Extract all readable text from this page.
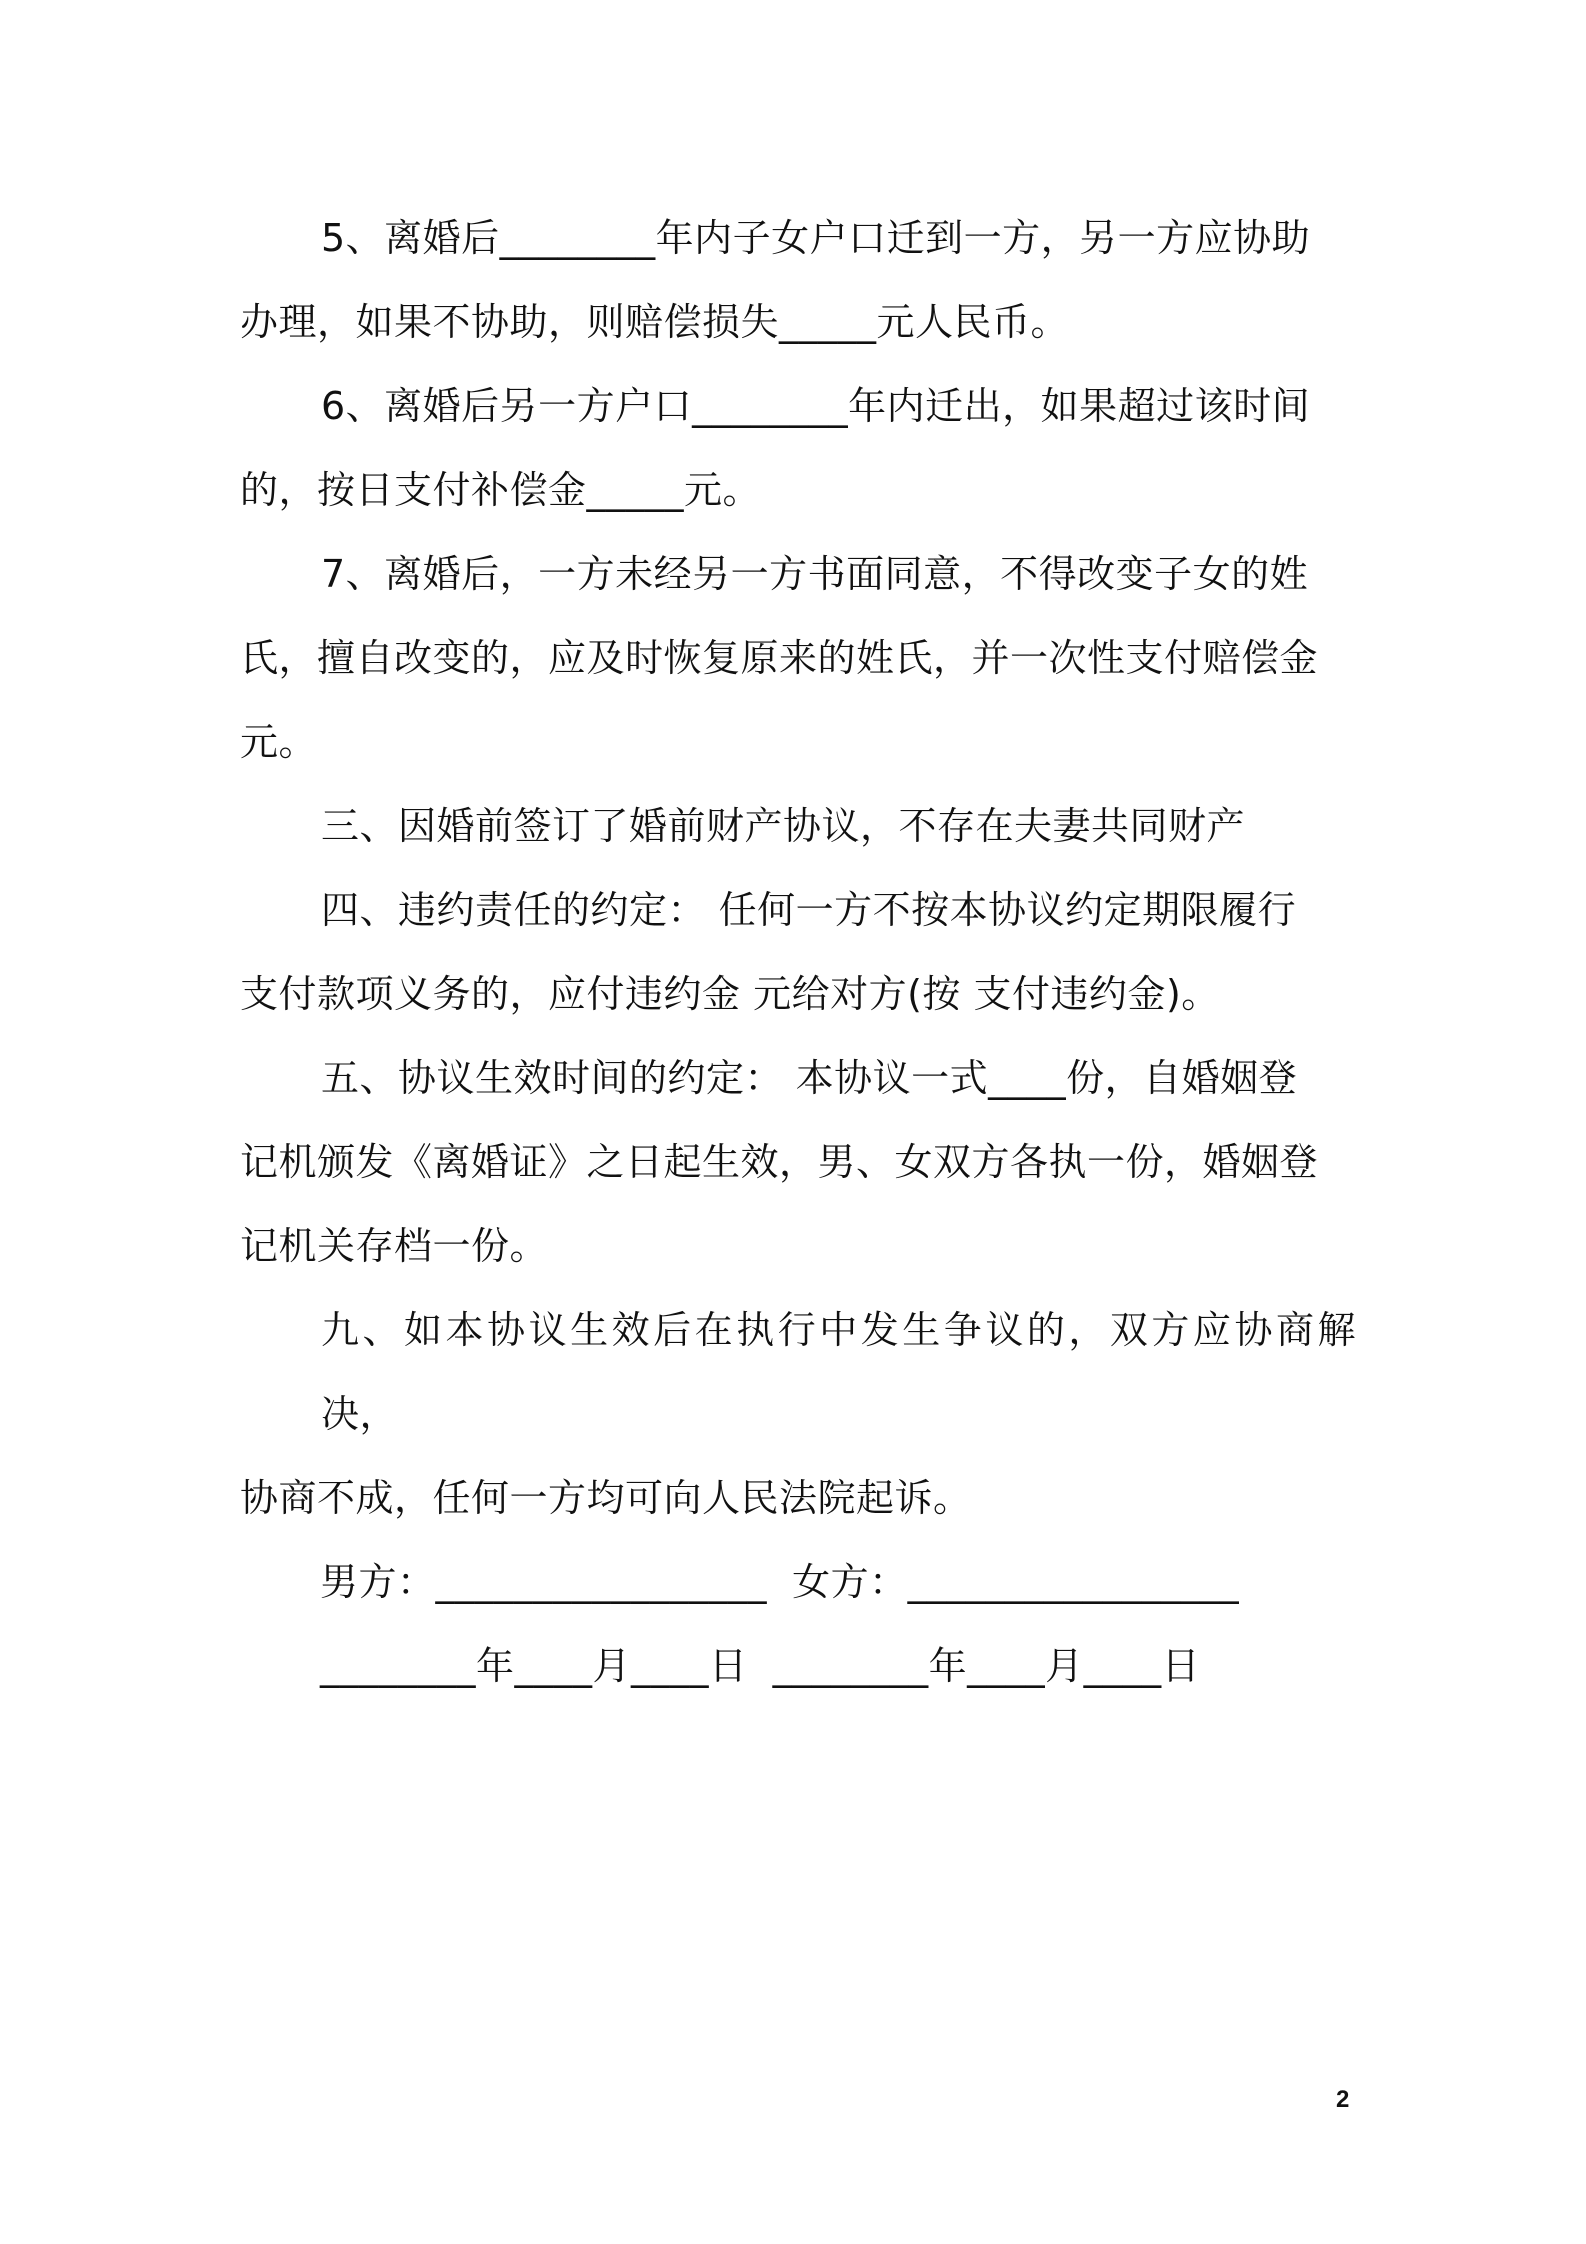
5、离婚后________年内子女户口迁到一方，另一方应协助
办理，如果不协助，则赔偿损失_____元人民币。

6、离婚后另一方户口________年内迁出，如果超过该时间
的，按日支付补偿金_____元。

7、离婚后，一方未经另一方书面同意，不得改变子女的姓
氏，擅自改变的，应及时恢复原来的姓氏，并一次性支付赔偿金
元。

三、因婚前签订了婚前财产协议，不存在夫妻共同财产

四、违约责任的约定： 任何一方不按本协议约定期限履行
支付款项义务的，应付违约金 元给对方(按 支付违约金)。

五、协议生效时间的约定： 本协议一式____份，自婚姻登
记机颁发《离婚证》之日起生效，男、女双方各执一份，婚姻登
记机关存档一份。

九、如本协议生效后在执行中发生争议的，双方应协商解决，
协商不成，任何一方均可向人民法院起诉。

男方：_________________  女方：_________________
________年____月____日  ________年____月____日
2
